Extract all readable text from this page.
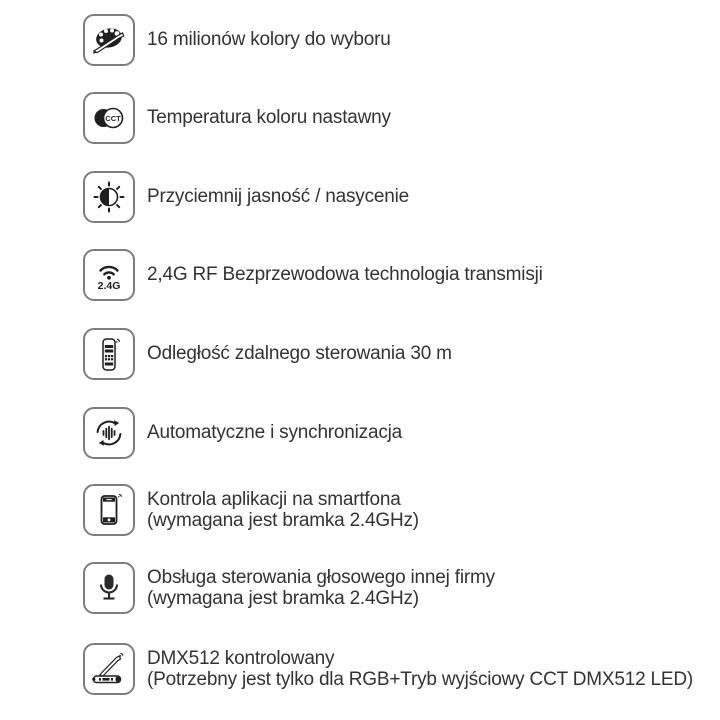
16 milionów kolory do wyboru
CCT Temperatura koloru nastawny
Przyciemnij jasność / nasycenie
2.4G
2,4G RF Bezprzewodowa technologia transmisji
Odległość zdalnego sterowania 30 m
Automatyczne i synchronizacja
Kontrola aplikacji na smartfona
(wymagana jest bramka 2.4GHz)
Obsługa sterowania głosowego innej firmy
(wymagana jest bramka 2.4GHz)
DMX512 kontrolowany
(Potrzebny jest tylko dla RGB+Tryb wyjściowy CCT DMX512 LED)
